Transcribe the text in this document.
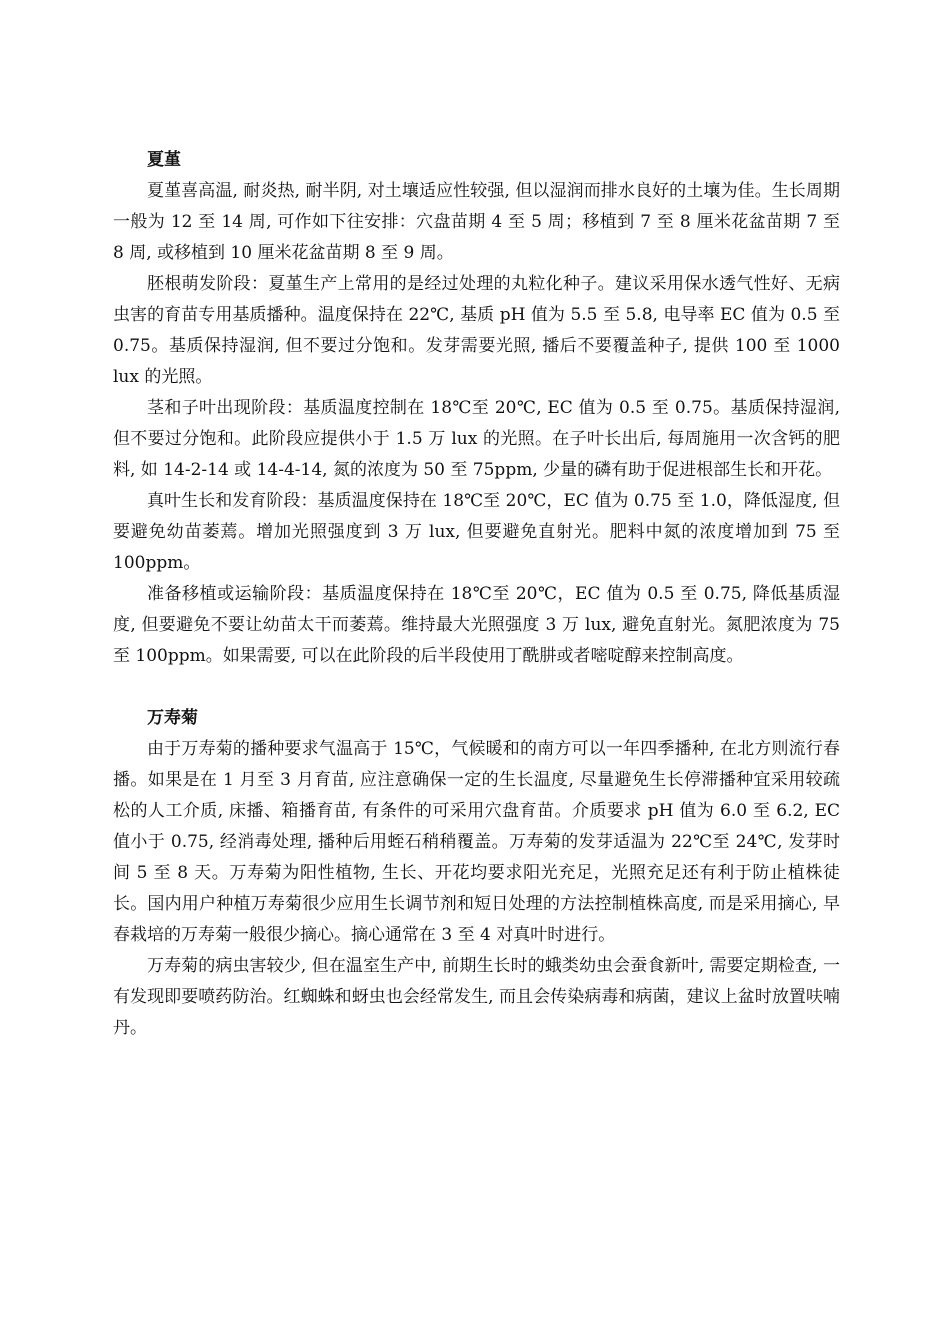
夏堇

夏堇喜高温, 耐炎热, 耐半阴, 对土壤适应性较强, 但以湿润而排水良好的土壤为佳。生长周期一般为 12 至 14 周, 可作如下往安排：穴盘苗期 4 至 5 周；移植到 7 至 8 厘米花盆苗期 7 至 8 周, 或移植到 10 厘米花盆苗期 8 至 9 周。

胚根萌发阶段：夏堇生产上常用的是经过处理的丸粒化种子。建议采用保水透气性好、无病虫害的育苗专用基质播种。温度保持在 22℃, 基质 pH 值为 5.5 至 5.8, 电导率 EC 值为 0.5 至 0.75。基质保持湿润, 但不要过分饱和。发芽需要光照, 播后不要覆盖种子, 提供 100 至 1000 lux 的光照。

茎和子叶出现阶段：基质温度控制在 18℃至 20℃, EC 值为 0.5 至 0.75。基质保持湿润, 但不要过分饱和。此阶段应提供小于 1.5 万 lux 的光照。在子叶长出后, 每周施用一次含钙的肥料, 如 14-2-14 或 14-4-14, 氮的浓度为 50 至 75ppm, 少量的磷有助于促进根部生长和开花。

真叶生长和发育阶段：基质温度保持在 18℃至 20℃，EC 值为 0.75 至 1.0，降低湿度, 但要避免幼苗萎蔫。增加光照强度到 3 万 lux, 但要避免直射光。肥料中氮的浓度增加到 75 至 100ppm。

准备移植或运输阶段：基质温度保持在 18℃至 20℃，EC 值为 0.5 至 0.75, 降低基质湿度, 但要避免不要让幼苗太干而萎蔫。维持最大光照强度 3 万 lux, 避免直射光。氮肥浓度为 75 至 100ppm。如果需要, 可以在此阶段的后半段使用丁酰肼或者嘧啶醇来控制高度。

万寿菊

由于万寿菊的播种要求气温高于 15℃，气候暖和的南方可以一年四季播种, 在北方则流行春播。如果是在 1 月至 3 月育苗, 应注意确保一定的生长温度, 尽量避免生长停滞播种宜采用较疏松的人工介质, 床播、箱播育苗, 有条件的可采用穴盘育苗。介质要求 pH 值为 6.0 至 6.2, EC 值小于 0.75, 经消毒处理, 播种后用蛭石稍稍覆盖。万寿菊的发芽适温为 22℃至 24℃, 发芽时间 5 至 8 天。万寿菊为阳性植物, 生长、开花均要求阳光充足，光照充足还有利于防止植株徒长。国内用户种植万寿菊很少应用生长调节剂和短日处理的方法控制植株高度, 而是采用摘心, 早春栽培的万寿菊一般很少摘心。摘心通常在 3 至 4 对真叶时进行。

万寿菊的病虫害较少, 但在温室生产中, 前期生长时的蛾类幼虫会蚕食新叶, 需要定期检查, 一有发现即要喷药防治。红蜘蛛和蚜虫也会经常发生, 而且会传染病毒和病菌，建议上盆时放置呋喃丹。
